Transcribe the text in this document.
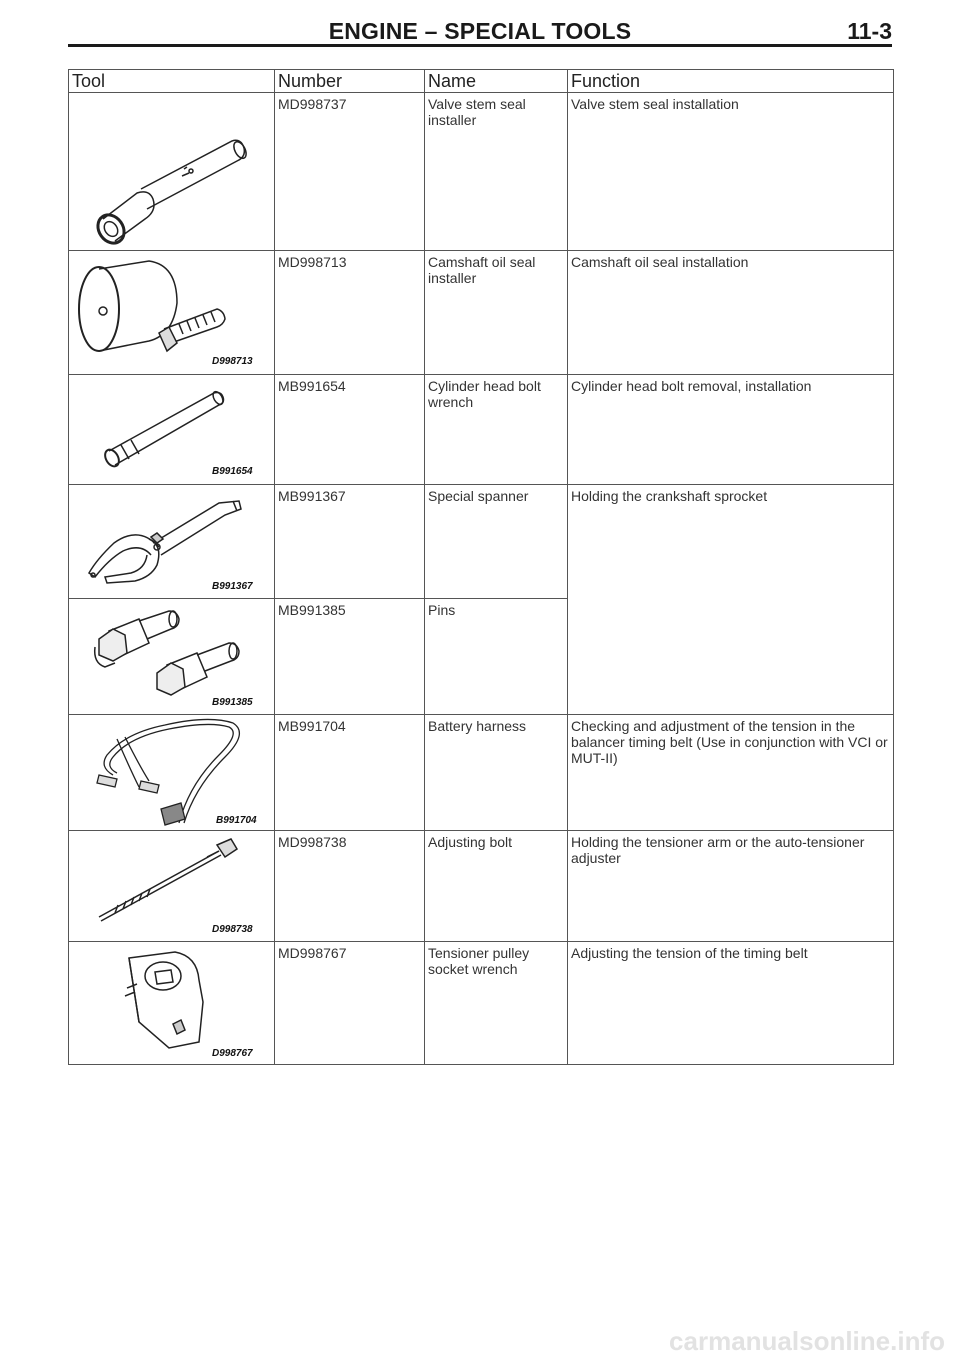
ENGINE – SPECIAL TOOLS	11-3
Tool	Number	Name	Function

	MD998737	Valve stem seal installer	Valve stem seal installation

D998713	MD998713	Camshaft oil seal installer	Camshaft oil seal installation

B991654	MB991654	Cylinder head bolt wrench	Cylinder head bolt removal, installation

B991367	MB991367	Special spanner	Holding the crankshaft sprocket

B991385	MB991385	Pins	

B991704	MB991704	Battery harness	Checking and adjustment of the tension in the balancer timing belt (Use in conjunction with VCI or MUT-II)

D998738	MD998738	Adjusting bolt	Holding the tensioner arm or the auto-tensioner adjuster

D998767	MD998767	Tensioner pulley socket wrench	Adjusting the tension of the timing belt
carmanualsonline.info
